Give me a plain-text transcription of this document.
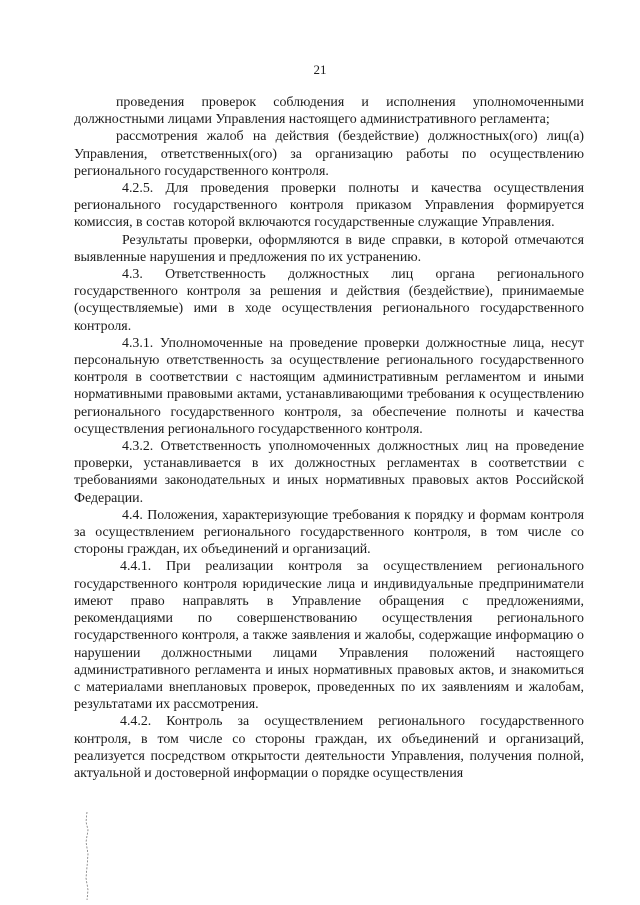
21

проведения проверок соблюдения и исполнения уполномоченными должностными лицами Управления настоящего административного регламента;

рассмотрения жалоб на действия (бездействие) должностных(ого) лиц(а) Управления, ответственных(ого) за организацию работы по осуществлению регионального государственного контроля.

4.2.5. Для проведения проверки полноты и качества осуществления регионального государственного контроля приказом Управления формируется комиссия, в состав которой включаются государственные служащие Управления.

Результаты проверки, оформляются в виде справки, в которой отмечаются выявленные нарушения и предложения по их устранению.

4.3. Ответственность должностных лиц органа регионального государственного контроля за решения и действия (бездействие), принимаемые (осуществляемые) ими в ходе осуществления регионального государственного контроля.

4.3.1. Уполномоченные на проведение проверки должностные лица, несут персональную ответственность за осуществление регионального государственного контроля в соответствии с настоящим административным регламентом и иными нормативными правовыми актами, устанавливающими требования к осуществлению регионального государственного контроля, за обеспечение полноты и качества осуществления регионального государственного контроля.

4.3.2. Ответственность уполномоченных должностных лиц на проведение проверки, устанавливается в их должностных регламентах в соответствии с требованиями законодательных и иных нормативных правовых актов Российской Федерации.

4.4. Положения, характеризующие требования к порядку и формам контроля за осуществлением регионального государственного контроля, в том числе со стороны граждан, их объединений и организаций.

4.4.1. При реализации контроля за осуществлением регионального государственного контроля юридические лица и индивидуальные предприниматели имеют право направлять в Управление обращения с предложениями, рекомендациями по совершенствованию осуществления регионального государственного контроля, а также заявления и жалобы, содержащие информацию о нарушении должностными лицами Управления положений настоящего административного регламента и иных нормативных правовых актов, и знакомиться с материалами внеплановых проверок, проведенных по их заявлениям и жалобам, результатами их рассмотрения.

4.4.2. Контроль за осуществлением регионального государственного контроля, в том числе со стороны граждан, их объединений и организаций, реализуется посредством открытости деятельности Управления, получения полной, актуальной и достоверной информации о порядке осуществления
